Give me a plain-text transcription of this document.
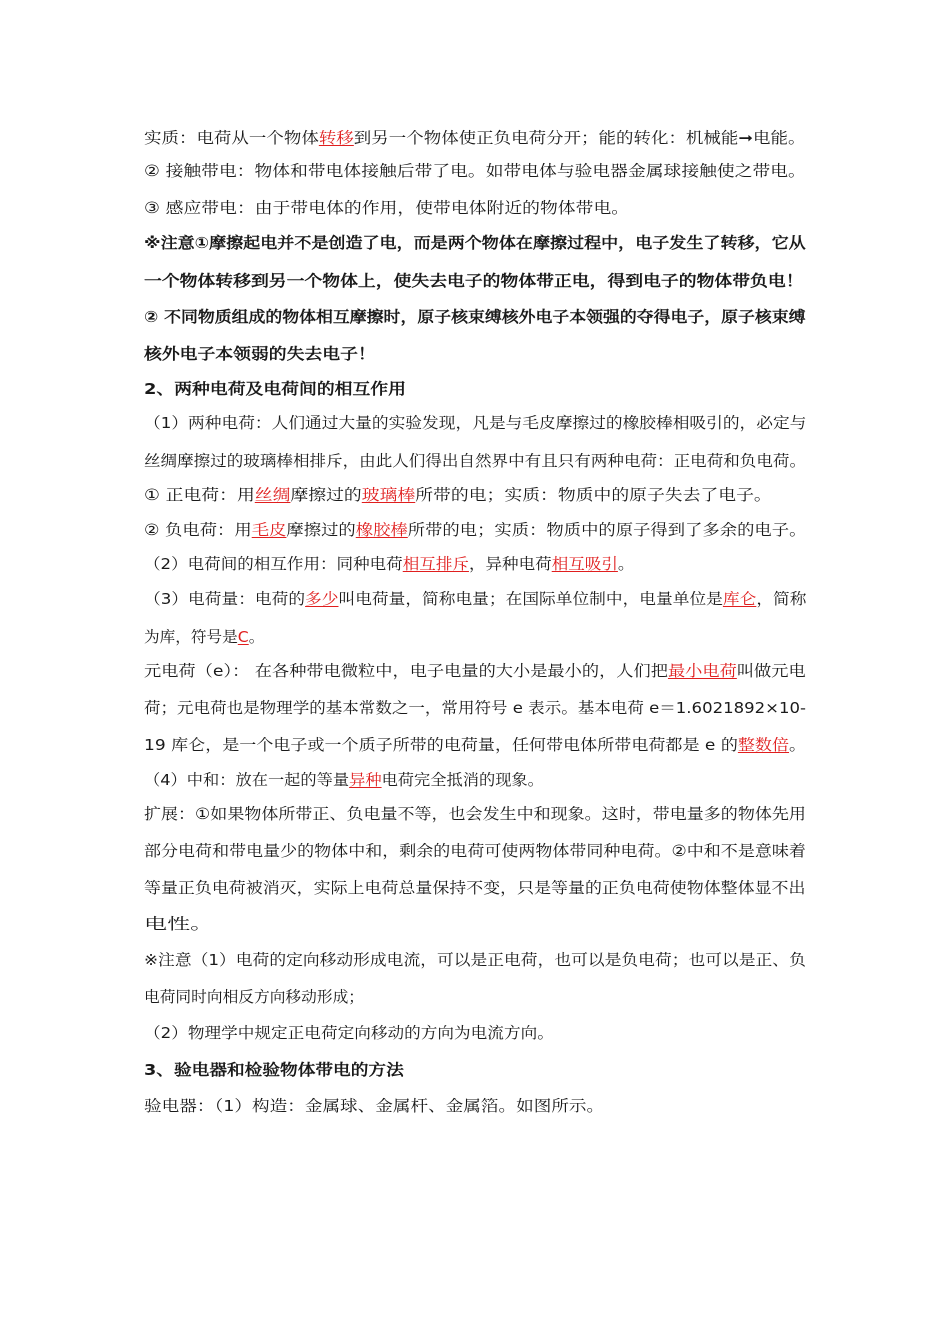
实质：电荷从一个物体转移到另一个物体使正负电荷分开；能的转化：机械能➞电能。
② 接触带电：物体和带电体接触后带了电。如带电体与验电器金属球接触使之带电。
③ 感应带电：由于带电体的作用，使带电体附近的物体带电。
※注意①摩擦起电并不是创造了电，而是两个物体在摩擦过程中，电子发生了转移，它从
一个物体转移到另一个物体上，使失去电子的物体带正电，得到电子的物体带负电！
② 不同物质组成的物体相互摩擦时，原子核束缚核外电子本领强的夺得电子，原子核束缚
核外电子本领弱的失去电子！
2、两种电荷及电荷间的相互作用
（1）两种电荷：人们通过大量的实验发现，凡是与毛皮摩擦过的橡胶棒相吸引的，必定与
丝绸摩擦过的玻璃棒相排斥，由此人们得出自然界中有且只有两种电荷：正电荷和负电荷。
① 正电荷：用丝绸摩擦过的玻璃棒所带的电；实质：物质中的原子失去了电子。
② 负电荷：用毛皮摩擦过的橡胶棒所带的电；实质：物质中的原子得到了多余的电子。
（2）电荷间的相互作用：同种电荷相互排斥，异种电荷相互吸引。
（3）电荷量：电荷的多少叫电荷量，简称电量；在国际单位制中，电量单位是库仑，简称
为库，符号是C。
元电荷（e）： 在各种带电微粒中，电子电量的大小是最小的，人们把最小电荷叫做元电
荷；元电荷也是物理学的基本常数之一，常用符号 e 表示。基本电荷 e＝1.6021892×10-
19 库仑，是一个电子或一个质子所带的电荷量，任何带电体所带电荷都是 e 的整数倍。
（4）中和：放在一起的等量异种电荷完全抵消的现象。
扩展：①如果物体所带正、负电量不等，也会发生中和现象。这时，带电量多的物体先用
部分电荷和带电量少的物体中和，剩余的电荷可使两物体带同种电荷。②中和不是意味着
等量正负电荷被消灭，实际上电荷总量保持不变，只是等量的正负电荷使物体整体显不出
电性。
※注意（1）电荷的定向移动形成电流，可以是正电荷，也可以是负电荷；也可以是正、负
电荷同时向相反方向移动形成；
（2）物理学中规定正电荷定向移动的方向为电流方向。
3、验电器和检验物体带电的方法
验电器：（1）构造：金属球、金属杆、金属箔。如图所示。
